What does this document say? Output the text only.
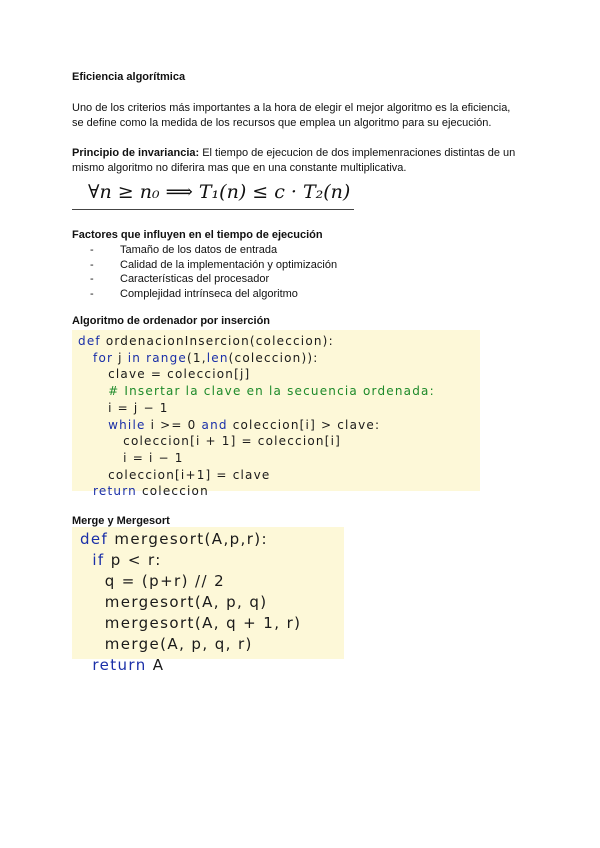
Eficiencia algorítmica
Uno de los criterios más importantes a la hora de elegir el mejor algoritmo es la eficiencia,
se define como la medida de los recursos que emplea un algoritmo para su ejecución.
Principio de invariancia: El tiempo de ejecucion de dos implemenraciones distintas de un
mismo algoritmo no diferira mas que en una constante multiplicativa.
∀n ≥ n₀ ⟹ T₁(n) ≤ c · T₂(n)
Factores que influyen en el tiempo de ejecución
- Tamaño de los datos de entrada
- Calidad de la implementación y optimización
- Características del procesador
- Complejidad intrínseca del algoritmo
Algoritmo de ordenador por inserción
def ordenacionInsercion(coleccion):
for j in range(1,len(coleccion)):
clave = coleccion[j]
# Insertar la clave en la secuencia ordenada:
i = j − 1
while i >= 0 and coleccion[i] > clave:
coleccion[i + 1] = coleccion[i]
i = i − 1
coleccion[i+1] = clave
return coleccion
Merge y Mergesort
def mergesort(A,p,r):
if p < r:
q = (p+r) // 2
mergesort(A, p, q)
mergesort(A, q + 1, r)
merge(A, p, q, r)
return A
